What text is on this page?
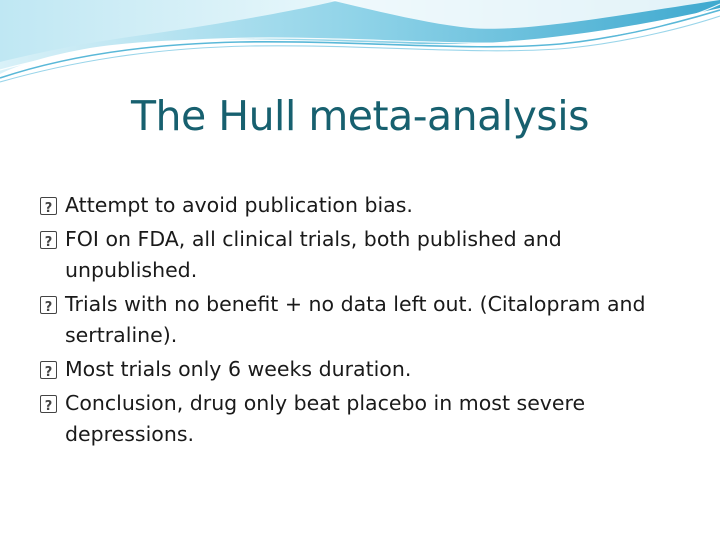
The Hull meta-analysis
?
Attempt to avoid publication bias.
?
FOI on FDA, all clinical trials, both published and unpublished.
?
Trials with no benefit + no data left out. (Citalopram and sertraline).
?
Most trials only 6 weeks duration.
?
Conclusion, drug only beat placebo in most severe depressions.
